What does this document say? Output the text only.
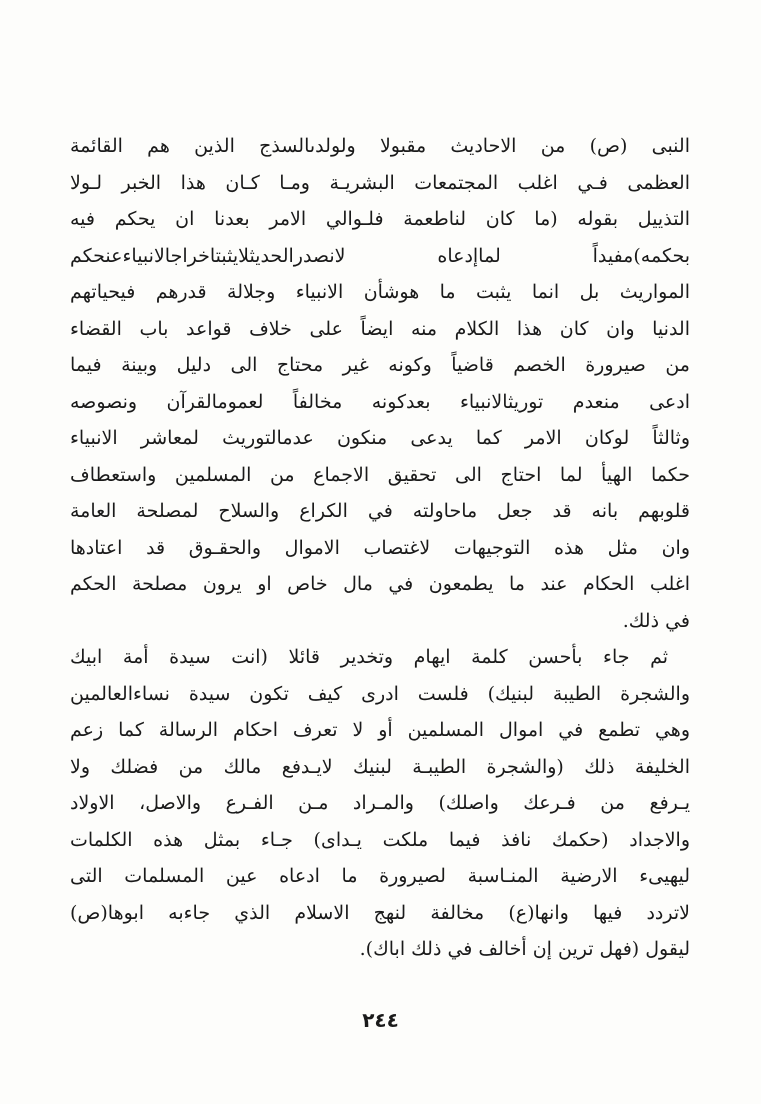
النبى (ص) من الاحاديث مقبولا ولولدىالسذج الذين هم القائمة
العظمى فـي اغلب المجتمعات البشريـة ومـا كـان هذا الخبر لـولا
التذييل بقوله (ما كان لناطعمة فلـوالي الامر بعدنا ان يحكم فيه
بحكمه)مفيداً لماإدعاه لانصدرالحديثلايثبتاخراجالانبياءعنحكم
المواريث بل انما يثبت ما هوشأن الانبياء وجلالة قدرهم فيحياتهم
الدنيا وان كان هذا الكلام منه ايضاً على خلاف قواعد باب القضاء
من صيرورة الخصم قاضياً وكونه غير محتاج الى دليل وبينة فيما
ادعى منعدم توريثالانبياء بعدكونه مخالفاً لعمومالقرآن ونصوصه
وثالثاً لوكان الامر كما يدعى منكون عدمالتوريث لمعاشر الانبياء
حكما الهيأ لما احتاج الى تحقيق الاجماع من المسلمين واستعطاف
قلوبهم بانه قد جعل ماحاولته في الكراع والسلاح لمصلحة العامة
وان مثل هذه التوجيهات لاغتصاب الاموال والحقـوق قد اعتادها
اغلب الحكام عند ما يطمعون في مال خاص او يرون مصلحة الحكم
في ذلك.
ثم جاء بأحسن كلمة ايهام وتخدير قائلا (انت سيدة أمة ابيك
والشجرة الطيبة لبنيك) فلست ادرى كيف تكون سيدة نساءالعالمين
وهي تطمع في اموال المسلمين أو لا تعرف احكام الرسالة كما زعم
الخليفة ذلك (والشجرة الطيبـة لبنيك لايـدفع مالك من فضلك ولا
يـرفع من فـرعك واصلك) والمـراد مـن الفـرع والاصل، الاولاد
والاجداد (حكمك نافذ فيما ملكت يـداى) جـاء بمثل هذه الكلمات
ليهيىء الارضية المنـاسبة لصيرورة ما ادعاه عين المسلمات التى
لاتردد فيها وانها(ع) مخالفة لنهج الاسلام الذي جاءبه ابوها(ص)
ليقول (فهل ترين إن أخالف في ذلك اباك).
٢٤٤
